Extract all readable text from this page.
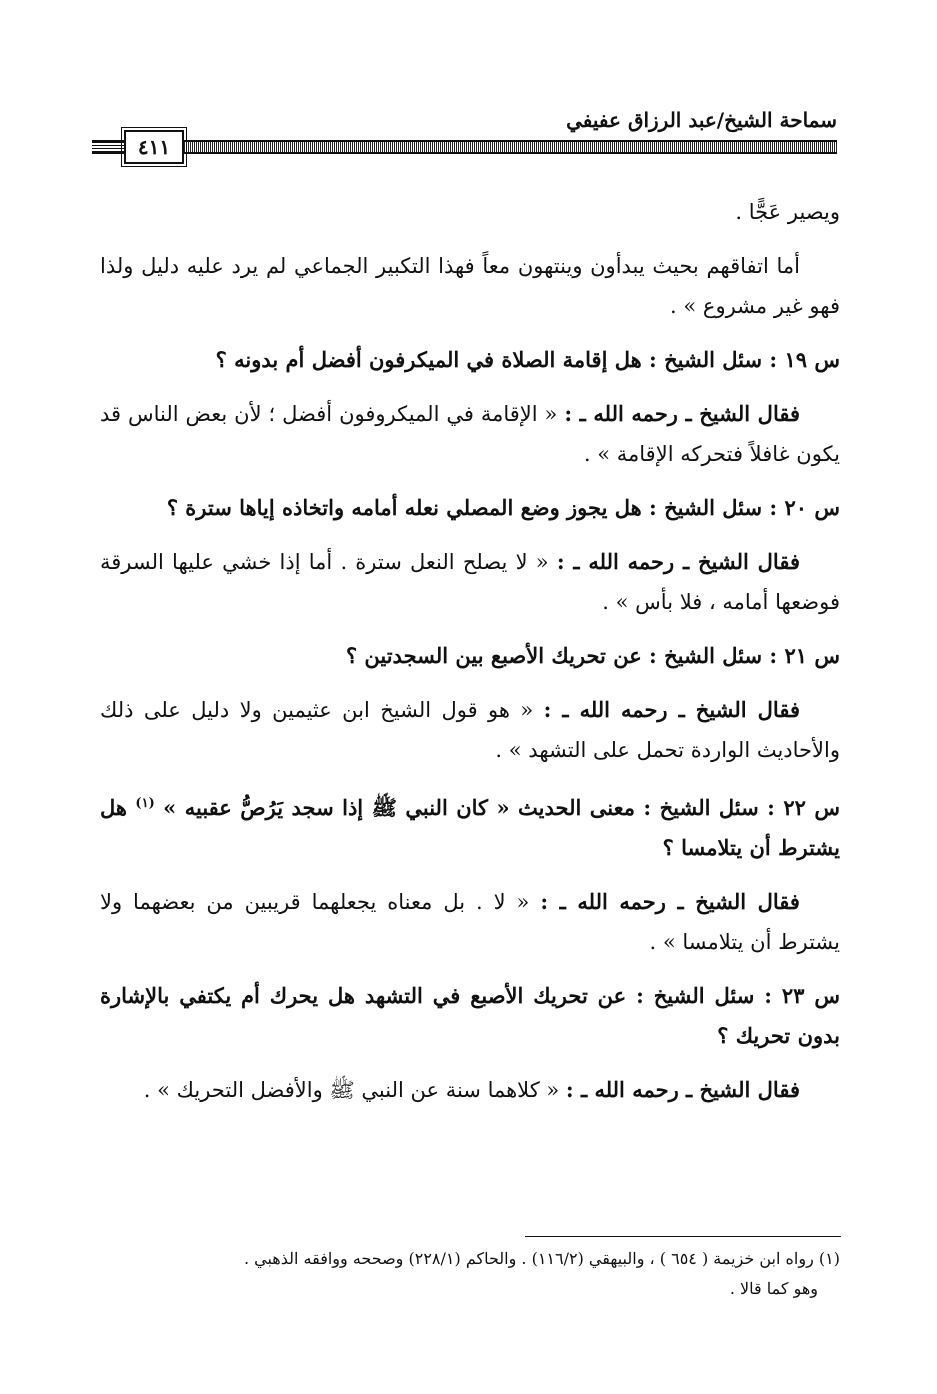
سماحة الشيخ/عبد الرزاق عفيفي
٤١١

ويصير عَجًّا .

أما اتفاقهم بحيث يبدأون وينتهون معاً فهذا التكبير الجماعي لم يرد عليه دليل ولذا فهو غير مشروع » .

س ١٩ : سئل الشيخ : هل إقامة الصلاة في الميكرفون أفضل أم بدونه ؟

فقال الشيخ ـ رحمه الله ـ : « الإقامة في الميكروفون أفضل ؛ لأن بعض الناس قد يكون غافلاً فتحركه الإقامة » .

س ٢٠ : سئل الشيخ : هل يجوز وضع المصلي نعله أمامه واتخاذه إياها سترة ؟

فقال الشيخ ـ رحمه الله ـ : « لا يصلح النعل سترة . أما إذا خشي عليها السرقة فوضعها أمامه ، فلا بأس » .

س ٢١ : سئل الشيخ : عن تحريك الأصبع بين السجدتين ؟

فقال الشيخ ـ رحمه الله ـ : « هو قول الشيخ ابن عثيمين ولا دليل على ذلك والأحاديث الواردة تحمل على التشهد » .

س ٢٢ : سئل الشيخ : معنى الحديث « كان النبي ﷺ إذا سجد يَرُصُّ عقبيه » $^{(١)}$ هل يشترط أن يتلامسا ؟

فقال الشيخ ـ رحمه الله ـ : « لا . بل معناه يجعلهما قريبين من بعضهما ولا يشترط أن يتلامسا » .

س ٢٣ : سئل الشيخ : عن تحريك الأصبع في التشهد هل يحرك أم يكتفي بالإشارة بدون تحريك ؟

فقال الشيخ ـ رحمه الله ـ : « كلاهما سنة عن النبي ﷺ والأفضل التحريك » .

(١) رواه ابن خزيمة ( ٦٥٤ ) ، والبيهقي (١١٦/٢) . والحاكم (٢٢٨/١) وصححه ووافقه الذهبي .

وهو كما قالا .
